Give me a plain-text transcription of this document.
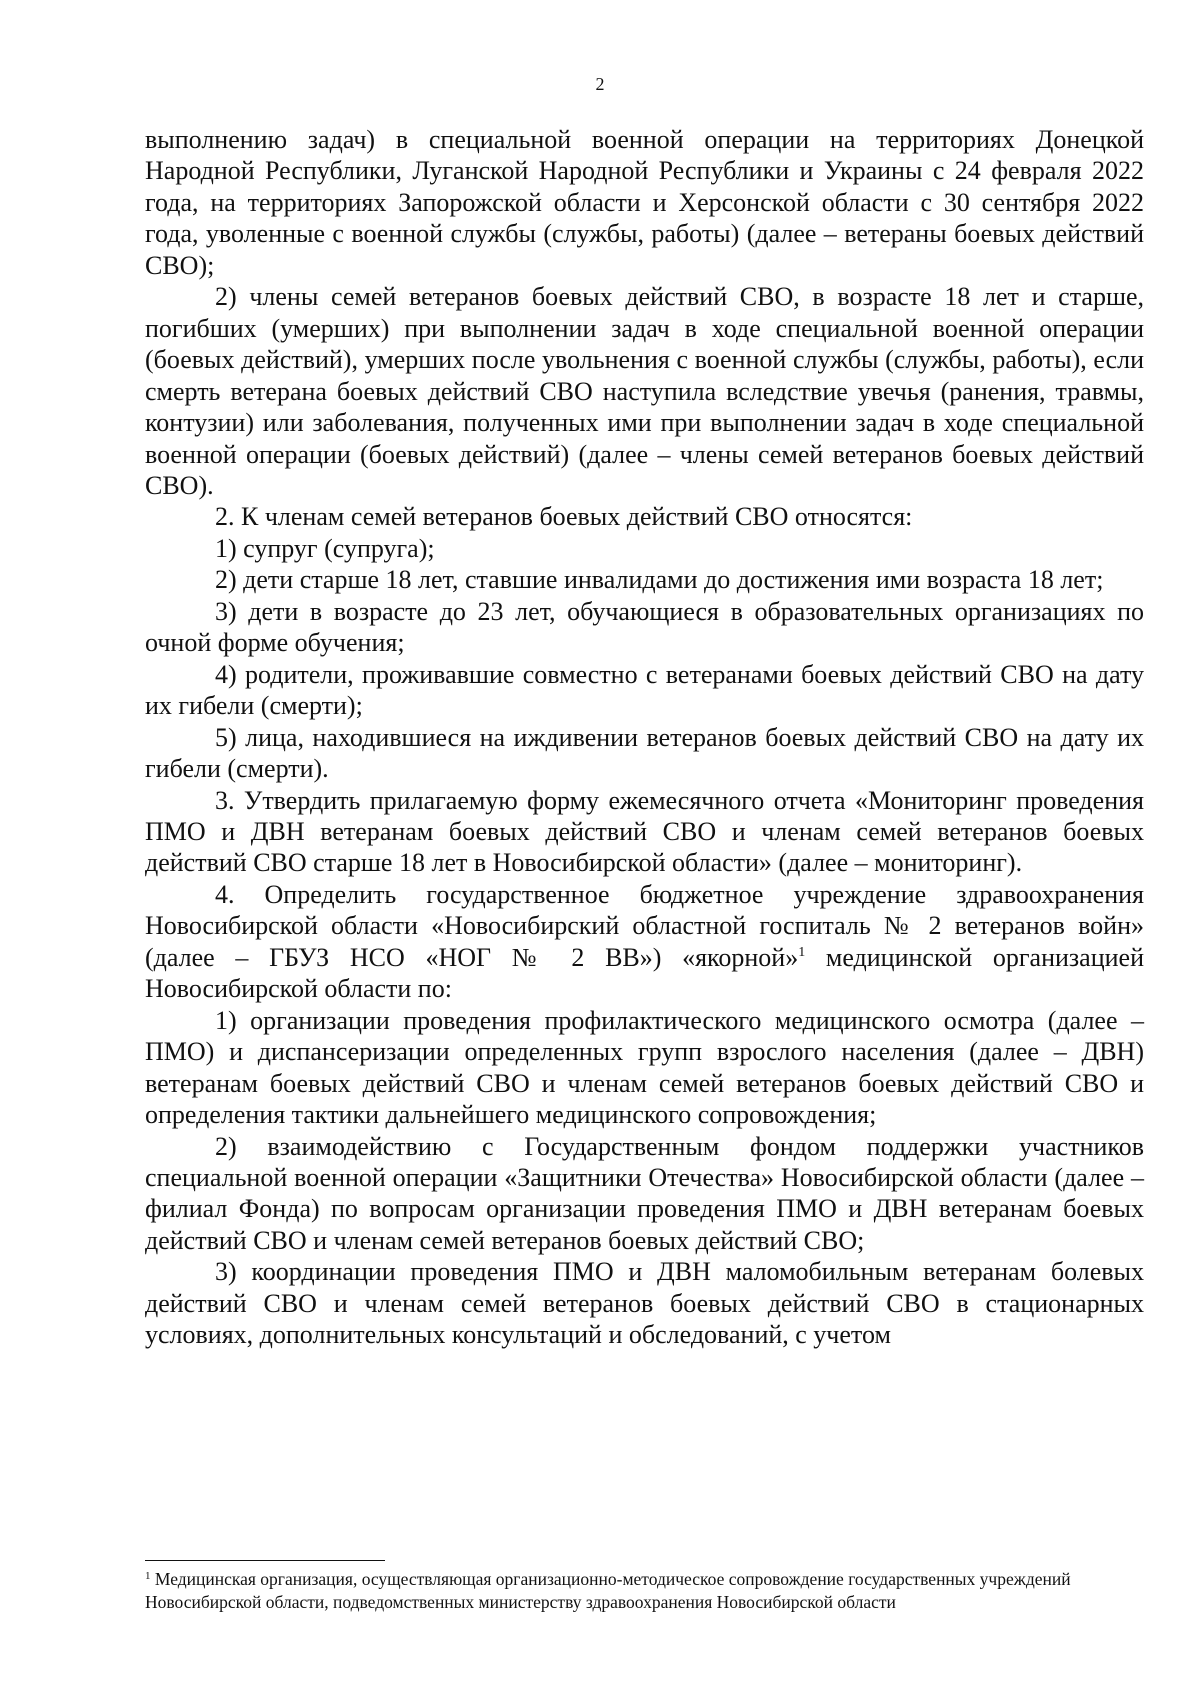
2

выполнению задач) в специальной военной операции на территориях Донецкой Народной Республики, Луганской Народной Республики и Украины с 24 февраля 2022 года, на территориях Запорожской области и Херсонской области с 30 сентября 2022 года, уволенные с военной службы (службы, работы) (далее – ветераны боевых действий СВО);

2) члены семей ветеранов боевых действий СВО, в возрасте 18 лет и старше, погибших (умерших) при выполнении задач в ходе специальной военной операции (боевых действий), умерших после увольнения с военной службы (службы, работы), если смерть ветерана боевых действий СВО наступила вследствие увечья (ранения, травмы, контузии) или заболевания, полученных ими при выполнении задач в ходе специальной военной операции (боевых действий) (далее – члены семей ветеранов боевых действий СВО).

2. К членам семей ветеранов боевых действий СВО относятся:

1) супруг (супруга);

2) дети старше 18 лет, ставшие инвалидами до достижения ими возраста 18 лет;

3) дети в возрасте до 23 лет, обучающиеся в образовательных организациях по очной форме обучения;

4) родители, проживавшие совместно с ветеранами боевых действий СВО на дату их гибели (смерти);

5) лица, находившиеся на иждивении ветеранов боевых действий СВО на дату их гибели (смерти).

3. Утвердить прилагаемую форму ежемесячного отчета «Мониторинг проведения ПМО и ДВН ветеранам боевых действий СВО и членам семей ветеранов боевых действий СВО старше 18 лет в Новосибирской области» (далее – мониторинг).

4. Определить государственное бюджетное учреждение здравоохранения Новосибирской области «Новосибирский областной госпиталь № 2 ветеранов войн» (далее – ГБУЗ НСО «НОГ № 2 ВВ») «якорной»$^1$ медицинской организацией Новосибирской области по:

1) организации проведения профилактического медицинского осмотра (далее – ПМО) и диспансеризации определенных групп взрослого населения (далее – ДВН) ветеранам боевых действий СВО и членам семей ветеранов боевых действий СВО и определения тактики дальнейшего медицинского сопровождения;

2) взаимодействию с Государственным фондом поддержки участников специальной военной операции «Защитники Отечества» Новосибирской области (далее – филиал Фонда) по вопросам организации проведения ПМО и ДВН ветеранам боевых действий СВО и членам семей ветеранов боевых действий СВО;

3) координации проведения ПМО и ДВН маломобильным ветеранам болевых действий СВО и членам семей ветеранов боевых действий СВО в стационарных условиях, дополнительных консультаций и обследований, с учетом

$^1$ Медицинская организация, осуществляющая организационно-методическое сопровождение государственных учреждений Новосибирской области, подведомственных министерству здравоохранения Новосибирской области
